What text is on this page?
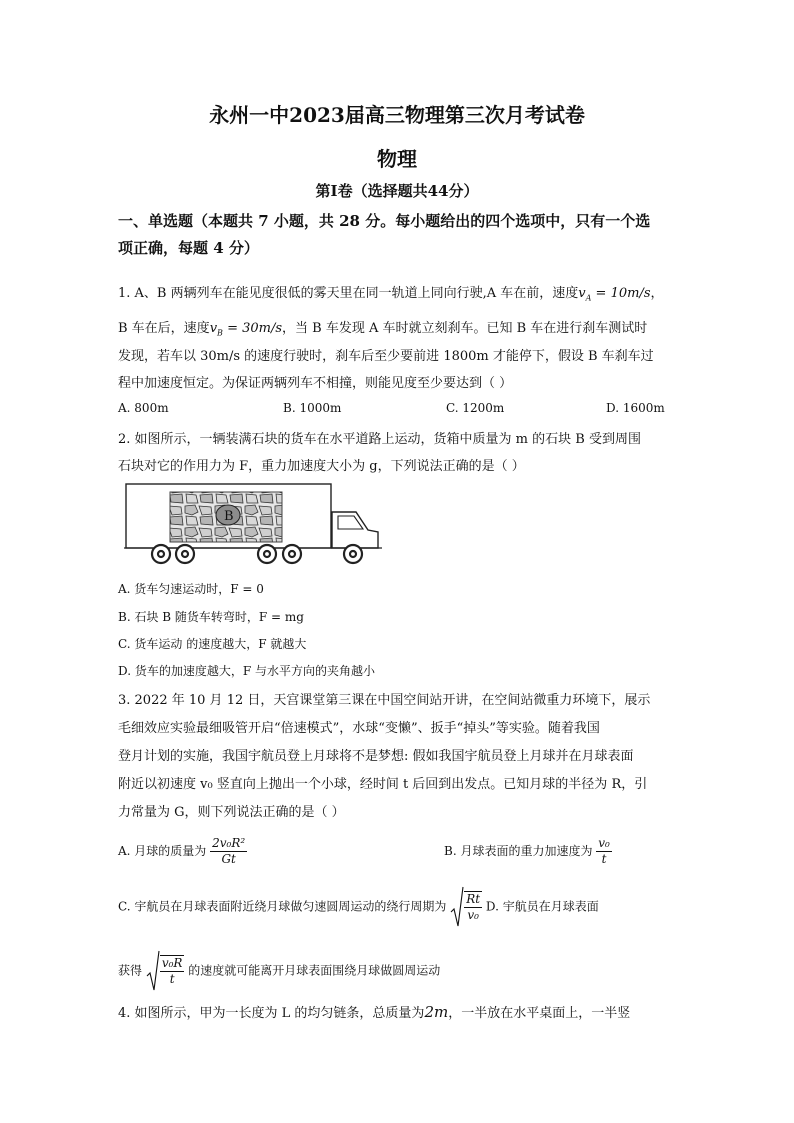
永州一中2023届高三物理第三次月考试卷
物理
第I卷（选择题共44分）
一、单选题（本题共 7 小题，共 28 分。每小题给出的四个选项中，只有一个选
项正确，每题 4 分）
1. A、B 两辆列车在能见度很低的雾天里在同一轨道上同向行驶,A 车在前，速度$v_A = 10m/s$，
B 车在后，速度$v_B = 30m/s$，当 B 车发现 A 车时就立刻刹车。已知 B 车在进行刹车测试时
发现，若车以 30m/s 的速度行驶时，刹车后至少要前进 1800m 才能停下，假设 B 车刹车过
程中加速度恒定。为保证两辆列车不相撞，则能见度至少要达到（ ）
A. 800m	B. 1000m	C. 1200m	D. 1600m
2. 如图所示，一辆装满石块的货车在水平道路上运动，货箱中质量为 m 的石块 B 受到周围
石块对它的作用力为 F，重力加速度大小为 g，下列说法正确的是（ ）
B
A. 货车匀速运动时，F = 0
B. 石块 B 随货车转弯时，F = mg
C. 货车运动 的速度越大，F 就越大
D. 货车的加速度越大，F 与水平方向的夹角越小
3. 2022 年 10 月 12 日，天宫课堂第三课在中国空间站开讲，在空间站微重力环境下，展示
毛细效应实验最细吸管开启“倍速模式”，水球“变懒”、扳手“掉头”等实验。随着我国
登月计划的实施，我国宇航员登上月球将不是梦想: 假如我国宇航员登上月球并在月球表面
附近以初速度 v₀ 竖直向上抛出一个小球，经时间 t 后回到出发点。已知月球的半径为 R，引
力常量为 G，则下列说法正确的是（ ）
A. 月球的质量为 $\frac{\text{2v₀R²}}{Gt}$	B. 月球表面的重力加速度为 $\frac{\text{v₀}}{t}$
C. 宇航员在月球表面附近绕月球做匀速圆周运动的绕行周期为 $\frac{Rt}{\text{v₀}} D$. 宇航员在月球表面
获得 $\frac{\text{v₀R}}{t}$ 的速度就可能离开月球表面围绕月球做圆周运动
4. 如图所示，甲为一长度为 L 的均匀链条，总质量为2m，一半放在水平桌面上，一半竖
